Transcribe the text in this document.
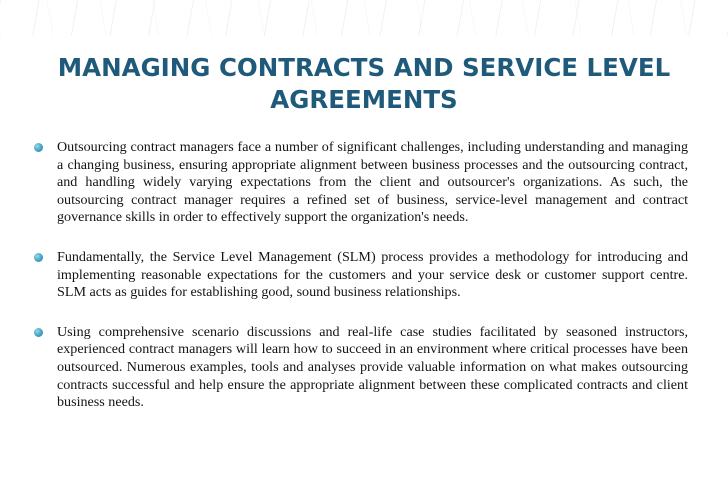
MANAGING CONTRACTS AND SERVICE LEVEL AGREEMENTS
Outsourcing contract managers face a number of significant challenges, including understanding and managing a changing business, ensuring appropriate alignment between business processes and the outsourcing contract, and handling widely varying expectations from the client and outsourcer's organizations. As such, the outsourcing contract manager requires a refined set of business, service-level management and contract governance skills in order to effectively support the organization's needs.
Fundamentally, the Service Level Management (SLM) process provides a methodology for introducing and implementing reasonable expectations for the customers and your service desk or customer support centre. SLM acts as guides for establishing good, sound business relationships.
Using comprehensive scenario discussions and real-life case studies facilitated by seasoned instructors, experienced contract managers will learn how to succeed in an environment where critical processes have been outsourced. Numerous examples, tools and analyses provide valuable information on what makes outsourcing contracts successful and help ensure the appropriate alignment between these complicated contracts and client business needs.
